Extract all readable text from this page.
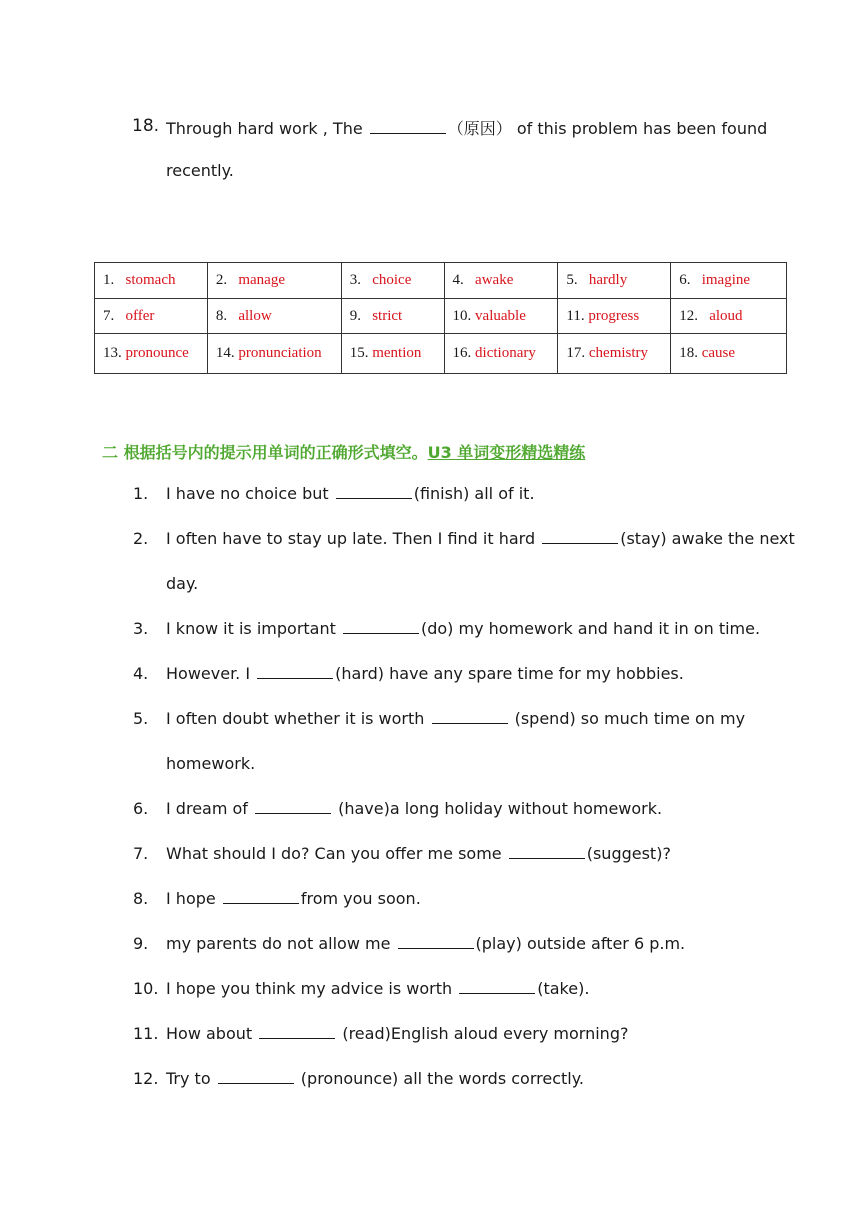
18. Through hard work , The	（原因） of this problem has been found
recently.
1. stomach	2. manage	3. choice	4. awake	5. hardly	6. imagine
7. offer	8. allow	9. strict	10. valuable	11. progress	12. aloud
13. pronounce	14. pronunciation	15. mention	16. dictionary	17. chemistry	18. cause
二 根据括号内的提示用单词的正确形式填空。U3 单词变形精选精练
1. I have no choice but	(finish) all of it.
2. I often have to stay up late. Then I find it hard	(stay) awake the next
day.
3. I know it is important	(do) my homework and hand it in on time.
4. However. I	(hard) have any spare time for my hobbies.
5. I often doubt whether it is worth	(spend) so much time on my
homework.
6. I dream of	(have)a long holiday without homework.
7. What should I do? Can you offer me some	(suggest)?
8. I hope	from you soon.
9. my parents do not allow me	(play) outside after 6 p.m.
10. I hope you think my advice is worth	(take).
11. How about	(read)English aloud every morning?
12. Try to	(pronounce) all the words correctly.
